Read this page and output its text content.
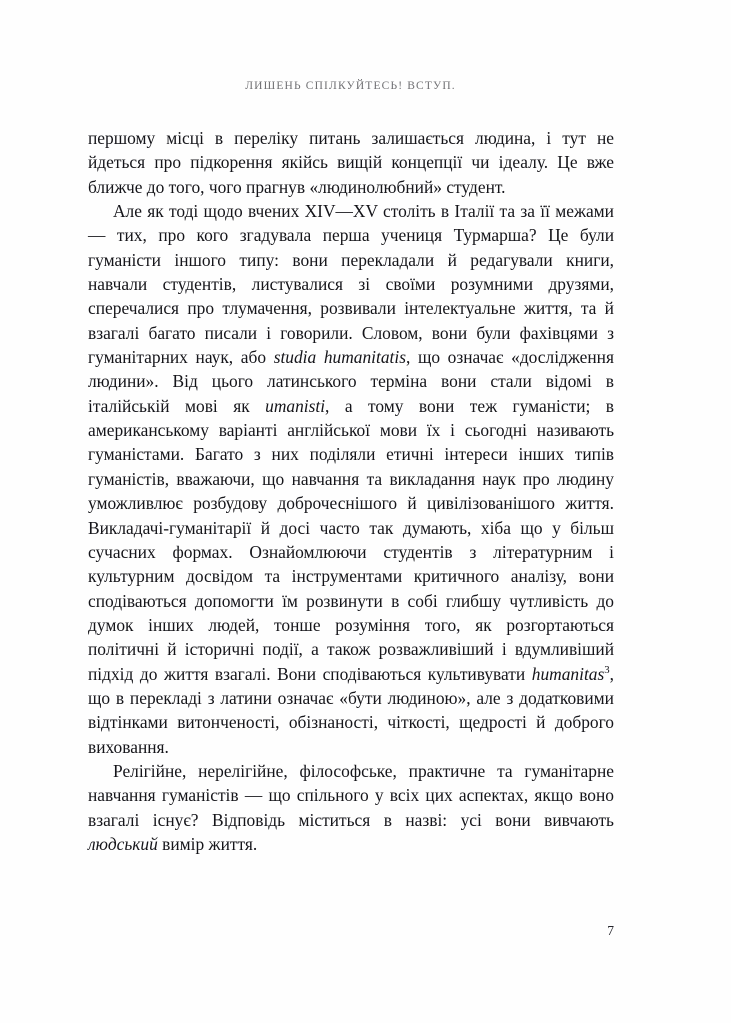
ЛИШЕНЬ СПІЛКУЙТЕСЬ! ВСТУП.

першому місці в переліку питань залишається людина, і тут не йдеться про підкорення якійсь вищій концепції чи ідеалу. Це вже ближче до того, чого прагнув «людинолюбний» студент.

Але як тоді щодо вчених XIV—XV століть в Італії та за її межами — тих, про кого згадувала перша учениця Турмарша? Це були гуманісти іншого типу: вони перекладали й редагували книги, навчали студентів, листувалися зі своїми розумними друзями, сперечалися про тлумачення, розвивали інтелектуальне життя, та й взагалі багато писали і говорили. Словом, вони були фахівцями з гуманітарних наук, або studia humanitatis, що означає «дослідження людини». Від цього латинського терміна вони стали відомі в італійській мові як umanisti, а тому вони теж гуманісти; в американському варіанті англійської мови їх і сьогодні називають гуманістами. Багато з них поділяли етичні інтереси інших типів гуманістів, вважаючи, що навчання та викладання наук про людину уможливлює розбудову доброчеснішого й цивілізованішого життя. Викладачі-гуманітарії й досі часто так думають, хіба що у більш сучасних формах. Ознайомлюючи студентів з літературним і культурним досвідом та інструментами критичного аналізу, вони сподіваються допомогти їм розвинути в собі глибшу чутливість до думок інших людей, тонше розуміння того, як розгортаються політичні й історичні події, а також розважливіший і вдумливіший підхід до життя взагалі. Вони сподіваються культивувати humanitas$^3$, що в перекладі з латини означає «бути людиною», але з додатковими відтінками витонченості, обізнаності, чіткості, щедрості й доброго виховання.

Релігійне, нерелігійне, філософське, практичне та гуманітарне навчання гуманістів — що спільного у всіх цих аспектах, якщо воно взагалі існує? Відповідь міститься в назві: усі вони вивчають людський вимір життя.

7
